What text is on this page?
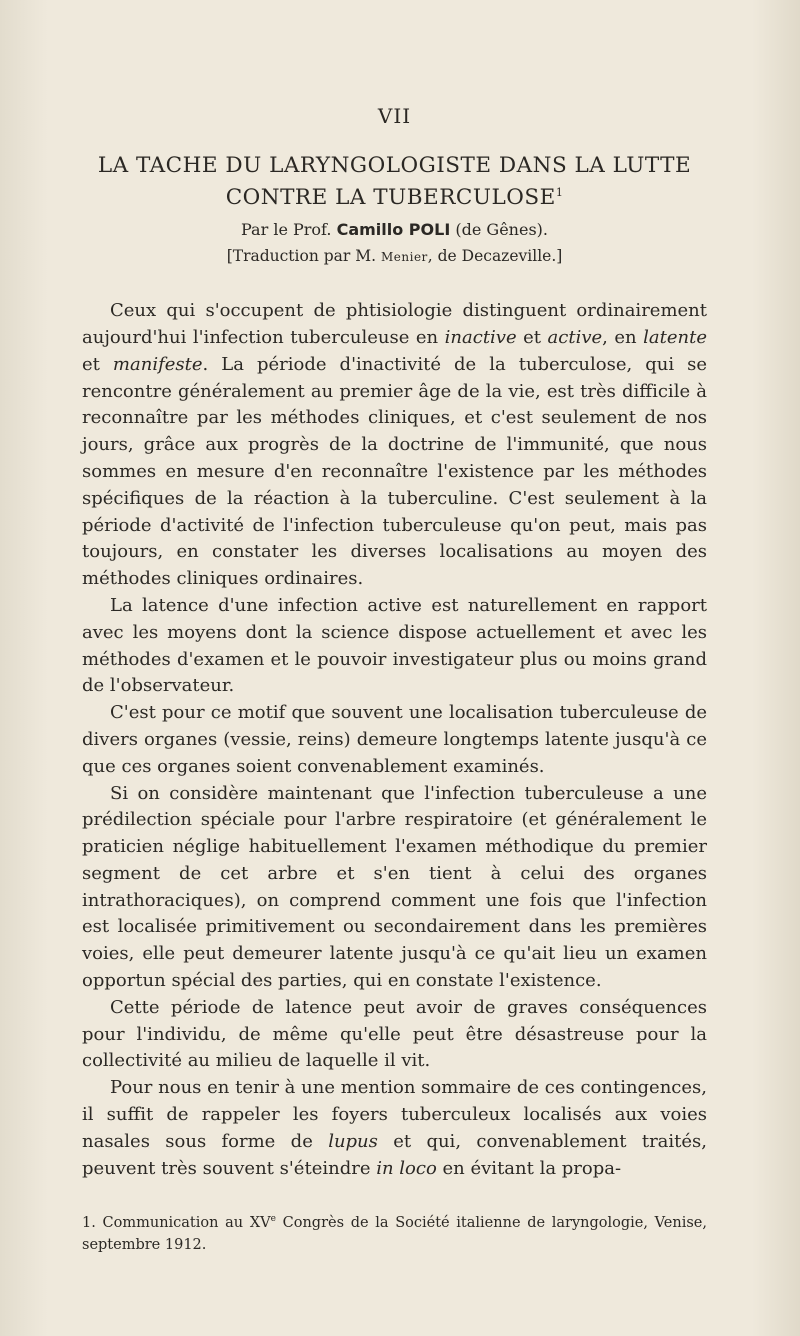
VII
LA TACHE DU LARYNGOLOGISTE DANS LA LUTTE
CONTRE LA TUBERCULOSE$^1$
Par le Prof. Camillo POLI (de Gênes).
[Traduction par M. Menier, de Decazeville.]

Ceux qui s'occupent de phtisiologie distinguent ordinairement aujourd'hui l'infection tuberculeuse en inactive et active, en latente et manifeste. La période d'inactivité de la tuberculose, qui se rencontre généralement au premier âge de la vie, est très difficile à reconnaître par les méthodes cliniques, et c'est seulement de nos jours, grâce aux progrès de la doctrine de l'immunité, que nous sommes en mesure d'en reconnaître l'existence par les méthodes spécifiques de la réaction à la tuberculine. C'est seulement à la période d'activité de l'infection tuberculeuse qu'on peut, mais pas toujours, en constater les diverses localisations au moyen des méthodes cliniques ordinaires.

La latence d'une infection active est naturellement en rapport avec les moyens dont la science dispose actuellement et avec les méthodes d'examen et le pouvoir investigateur plus ou moins grand de l'observateur.

C'est pour ce motif que souvent une localisation tuberculeuse de divers organes (vessie, reins) demeure longtemps latente jusqu'à ce que ces organes soient convenablement examinés.

Si on considère maintenant que l'infection tuberculeuse a une prédilection spéciale pour l'arbre respiratoire (et généralement le praticien néglige habituellement l'examen méthodique du premier segment de cet arbre et s'en tient à celui des organes intrathoraciques), on comprend comment une fois que l'infection est localisée primitivement ou secondairement dans les premières voies, elle peut demeurer latente jusqu'à ce qu'ait lieu un examen opportun spécial des parties, qui en constate l'existence.

Cette période de latence peut avoir de graves conséquences pour l'individu, de même qu'elle peut être désastreuse pour la collectivité au milieu de laquelle il vit.

Pour nous en tenir à une mention sommaire de ces contingences, il suffit de rappeler les foyers tuberculeux localisés aux voies nasales sous forme de lupus et qui, convenablement traités, peuvent très souvent s'éteindre in loco en évitant la propa-

1. Communication au XVe Congrès de la Société italienne de laryngologie, Venise, septembre 1912.
